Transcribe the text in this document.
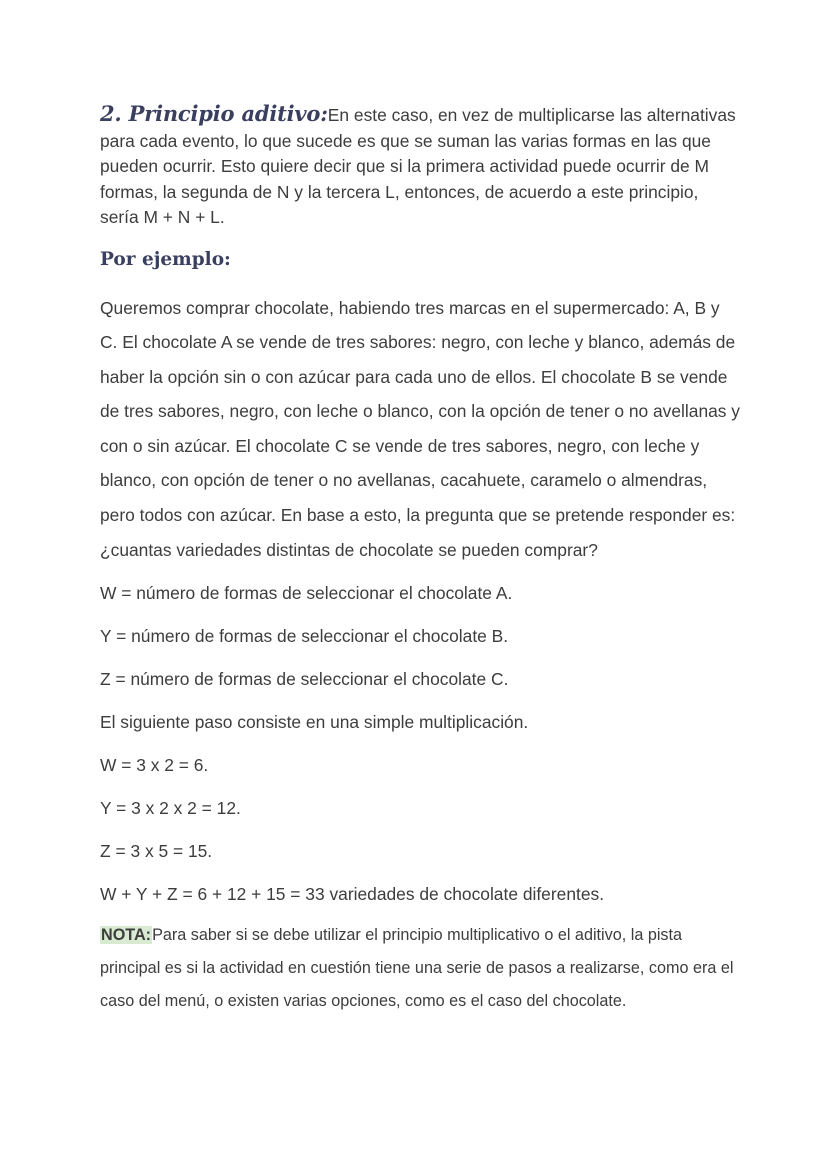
2. Principio aditivo:En este caso, en vez de multiplicarse las alternativas para cada evento, lo que sucede es que se suman las varias formas en las que pueden ocurrir. Esto quiere decir que si la primera actividad puede ocurrir de M formas, la segunda de N y la tercera L, entonces, de acuerdo a este principio, sería M + N + L.

Por ejemplo:

Queremos comprar chocolate, habiendo tres marcas en el supermercado: A, B y C. El chocolate A se vende de tres sabores: negro, con leche y blanco, además de haber la opción sin o con azúcar para cada uno de ellos. El chocolate B se vende de tres sabores, negro, con leche o blanco, con la opción de tener o no avellanas y con o sin azúcar. El chocolate C se vende de tres sabores, negro, con leche y blanco, con opción de tener o no avellanas, cacahuete, caramelo o almendras, pero todos con azúcar. En base a esto, la pregunta que se pretende responder es: ¿cuantas variedades distintas de chocolate se pueden comprar?

W = número de formas de seleccionar el chocolate A.

Y = número de formas de seleccionar el chocolate B.

Z = número de formas de seleccionar el chocolate C.

El siguiente paso consiste en una simple multiplicación.

W = 3 x 2 = 6.

Y = 3 x 2 x 2 = 12.

Z = 3 x 5 = 15.

W + Y + Z = 6 + 12 + 15 = 33 variedades de chocolate diferentes.

NOTA:Para saber si se debe utilizar el principio multiplicativo o el aditivo, la pista principal es si la actividad en cuestión tiene una serie de pasos a realizarse, como era el caso del menú, o existen varias opciones, como es el caso del chocolate.
